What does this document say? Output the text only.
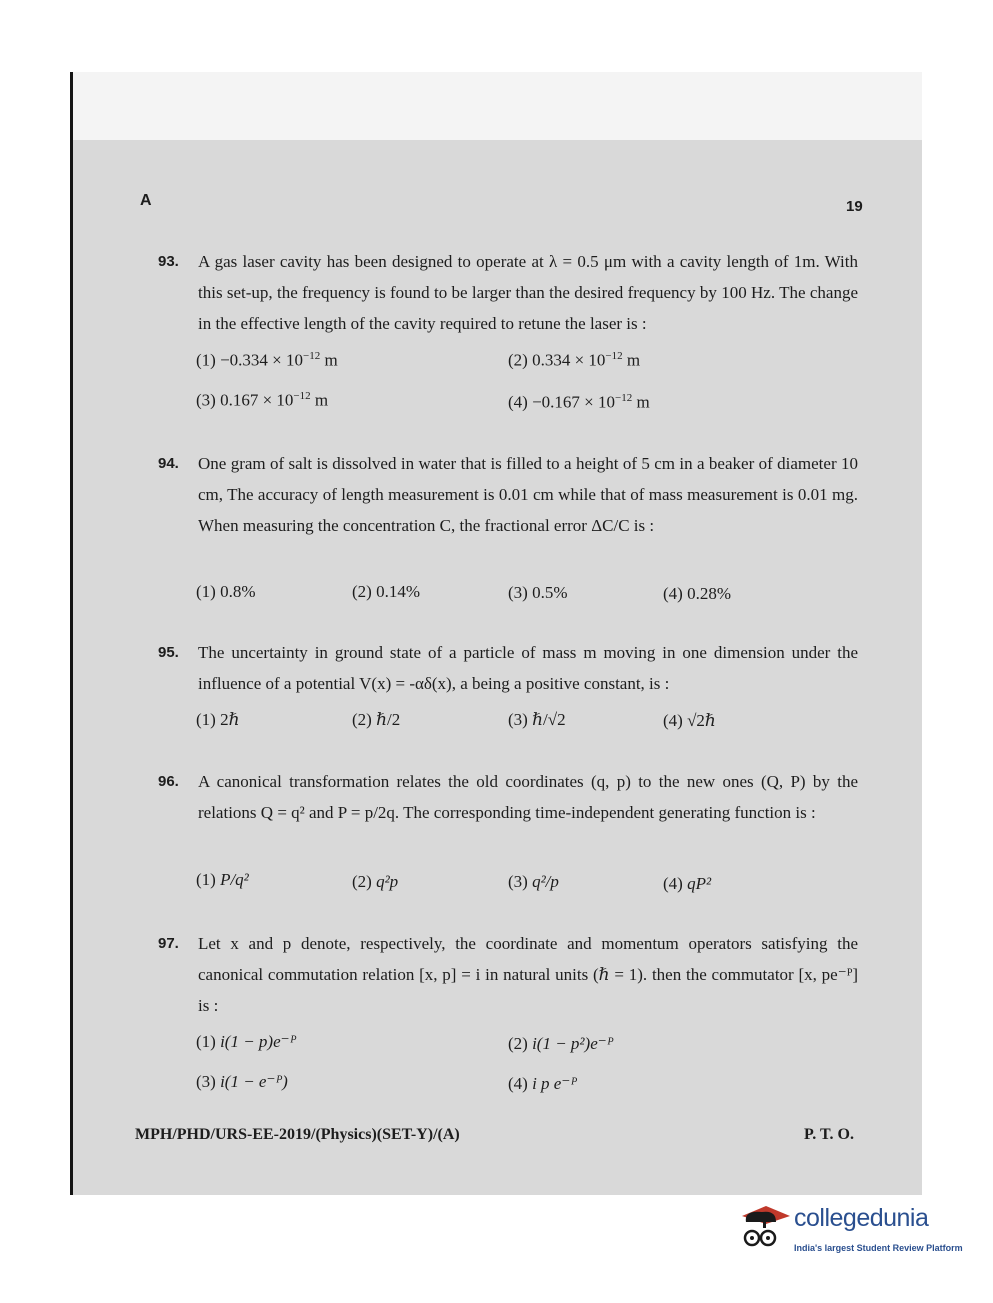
A	19
93. A gas laser cavity has been designed to operate at λ = 0.5 μm with a cavity length of 1m. With this set-up, the frequency is found to be larger than the desired frequency by 100 Hz. The change in the effective length of the cavity required to retune the laser is :
$(1) -0.334 \times 10^{-12}$ m	(2) $0.334 \times 10^{-12}$ m
(3) $0.167 \times 10^{-12}$ m	$(4) -0.167 \times 10^{-12}$ m
94. One gram of salt is dissolved in water that is filled to a height of 5 cm in a beaker of diameter 10 cm, The accuracy of length measurement is 0.01 cm while that of mass measurement is 0.01 mg. When measuring the concentration C, the fractional error ΔC/C is :
(1) 0.8%	(2) 0.14%	(3) 0.5%	(4) 0.28%
95. The uncertainty in ground state of a particle of mass m moving in one dimension under the influence of a potential V(x) = -αδ(x), a being a positive constant, is :
(1) 2ℏ	(2) ℏ/2	(3) ℏ/√2	(4) √2ℏ
96. A canonical transformation relates the old coordinates (q, p) to the new ones (Q, P) by the relations Q = q² and P = p/2q. The corresponding time-independent generating function is :
(1) P/q²	(2) q²p	(3) q²/p	(4) qP²
97. Let x and p denote, respectively, the coordinate and momentum operators satisfying the canonical commutation relation [x, p] = i in natural units (ℏ = 1). then the commutator [x, pe⁻ᴾ] is :
(1) i(1 − p)e⁻ᴾ	(2) i(1 − p²)e⁻ᴾ
(3) i(1 − e⁻ᴾ)	(4) i p e⁻ᴾ
MPH/PHD/URS-EE-2019/(Physics)(SET-Y)/(A)	P. T. O.
collegedunia
India's largest Student Review Platform
